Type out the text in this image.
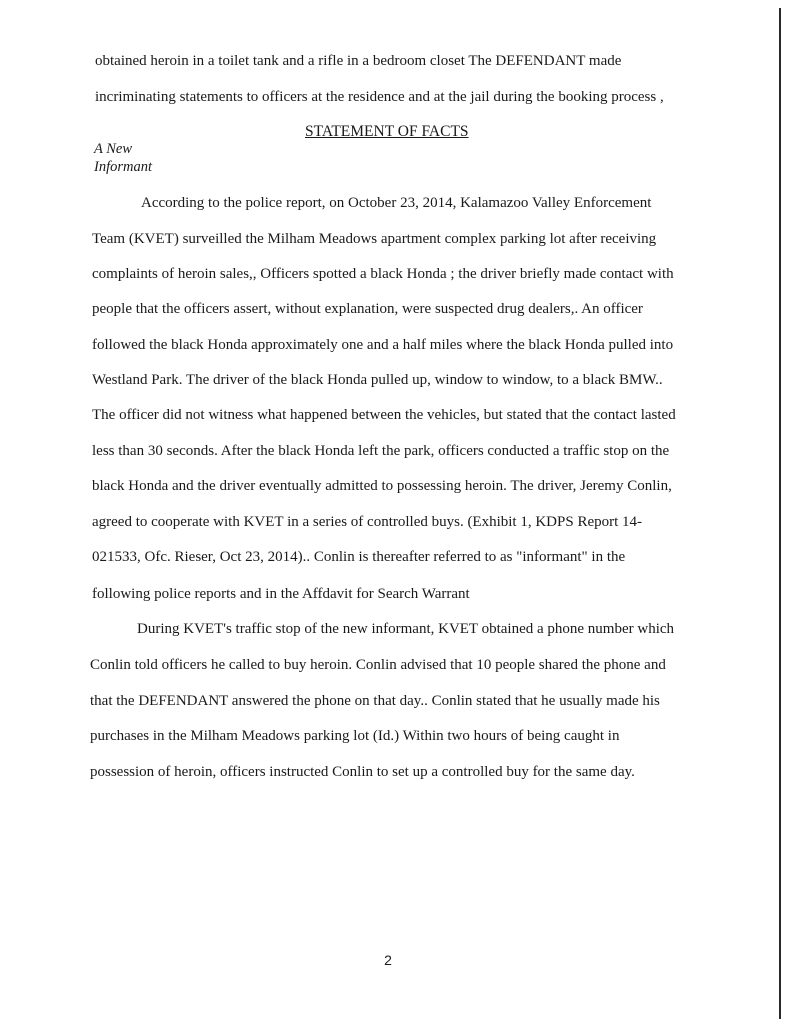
obtained heroin in a toilet tank and a rifle in a bedroom closet The DEFENDANT made
incriminating statements to officers at the residence and at the jail during the booking process ,
STATEMENT OF FACTS
A New
Informant
According to the police report, on October 23, 2014, Kalamazoo Valley Enforcement
Team (KVET) surveilled the Milham Meadows apartment complex parking lot after receiving
complaints of heroin sales,, Officers spotted a black Honda ; the driver briefly made contact with
people that the officers assert, without explanation, were suspected drug dealers,. An officer
followed the black Honda approximately one and a half miles where the black Honda pulled into
Westland Park. The driver of the black Honda pulled up, window to window, to a black BMW..
The officer did not witness what happened between the vehicles, but stated that the contact lasted
less than 30 seconds. After the black Honda left the park, officers conducted a traffic stop on the
black Honda and the driver eventually admitted to possessing heroin. The driver, Jeremy Conlin,
agreed to cooperate with KVET in a series of controlled buys. (Exhibit 1, KDPS Report 14-
021533, Ofc. Rieser, Oct 23, 2014).. Conlin is thereafter referred to as "informant" in the
following police reports and in the Affdavit for Search Warrant
During KVET's traffic stop of the new informant, KVET obtained a phone number which
Conlin told officers he called to buy heroin. Conlin advised that 10 people shared the phone and
that the DEFENDANT answered the phone on that day.. Conlin stated that he usually made his
purchases in the Milham Meadows parking lot (Id.) Within two hours of being caught in
possession of heroin, officers instructed Conlin to set up a controlled buy for the same day.
2
